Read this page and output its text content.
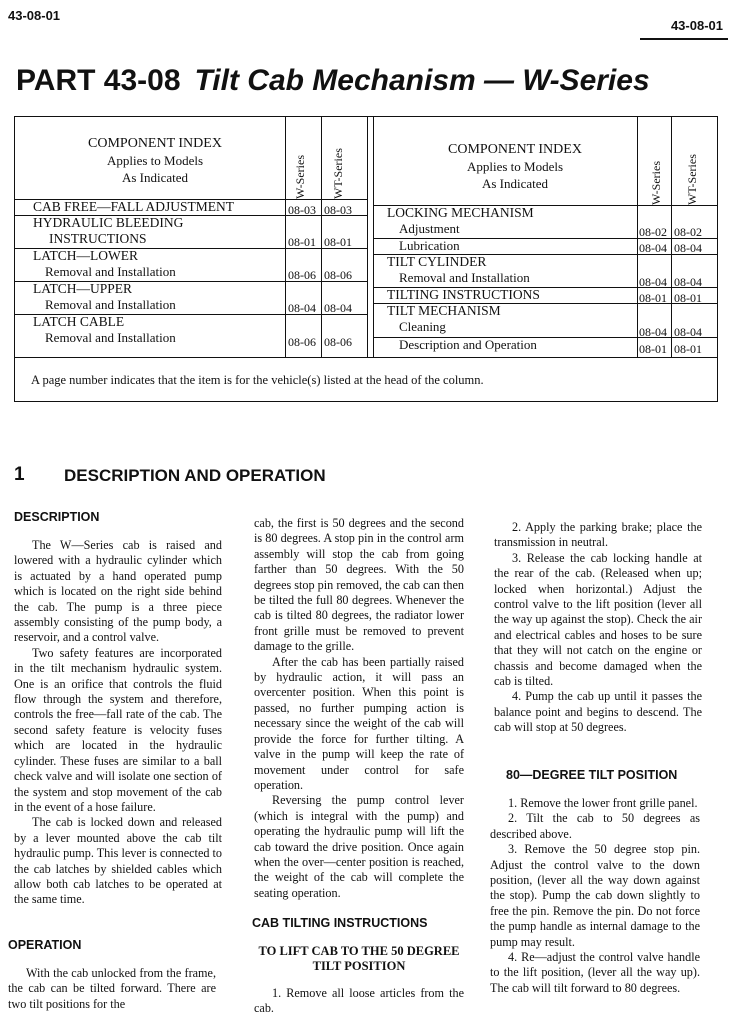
43-08-01
43-08-01
PART 43-08 Tilt Cab Mechanism — W-Series
COMPONENT INDEX
Applies to Models
As Indicated	W-Series WT-Series
CAB FREE—FALL ADJUSTMENT	08-03 08-03
HYDRAULIC BLEEDING
INSTRUCTIONS	08-01 08-01
LATCH—LOWER
Removal and Installation	08-06 08-06
LATCH—UPPER
Removal and Installation	08-04 08-04
LATCH CABLE
Removal and Installation	08-06 08-06
COMPONENT INDEX
Applies to Models
As Indicated	W-Series WT-Series
LOCKING MECHANISM
Adjustment	08-02 08-02
Lubrication	08-04 08-04
TILT CYLINDER
Removal and Installation	08-04 08-04
TILTING INSTRUCTIONS	08-01 08-01
TILT MECHANISM
Cleaning	08-04 08-04
Description and Operation	08-01 08-01
A page number indicates that the item is for the vehicle(s) listed at the head of the column.
1 DESCRIPTION AND OPERATION
DESCRIPTION

The W—Series cab is raised and lowered with a hydraulic cylinder which is actuated by a hand operated pump which is located on the right side behind the cab. The pump is a three piece assembly consisting of the pump body, a reservoir, and a control valve.

Two safety features are incorporated in the tilt mechanism hydraulic system. One is an orifice that controls the fluid flow through the system and therefore, controls the free—fall rate of the cab. The second safety feature is velocity fuses which are located in the hydraulic cylinder. These fuses are similar to a ball check valve and will isolate one section of the system and stop movement of the cab in the event of a hose failure.

The cab is locked down and released by a lever mounted above the cab tilt hydraulic pump. This lever is connected to the cab latches by shielded cables which allow both cab latches to be operated at the same time.

OPERATION

With the cab unlocked from the frame, the cab can be tilted forward. There are two tilt positions for the

cab, the first is 50 degrees and the second is 80 degrees. A stop pin in the control arm assembly will stop the cab from going farther than 50 degrees. With the 50 degrees stop pin removed, the cab can then be tilted the full 80 degrees. Whenever the cab is tilted 80 degrees, the radiator lower front grille must be removed to prevent damage to the grille.

After the cab has been partially raised by hydraulic action, it will pass an overcenter position. When this point is passed, no further pumping action is necessary since the weight of the cab will provide the force for further tilting. A valve in the pump will keep the rate of movement under control for safe operation.

Reversing the pump control lever (which is integral with the pump) and operating the hydraulic pump will lift the cab toward the drive position. Once again when the over—center position is reached, the weight of the cab will complete the seating operation.

CAB TILTING INSTRUCTIONS
TO LIFT CAB TO THE 50 DEGREE TILT POSITION

1. Remove all loose articles from the cab.

2. Apply the parking brake; place the transmission in neutral.

3. Release the cab locking handle at the rear of the cab. (Released when up; locked when horizontal.) Adjust the control valve to the lift position (lever all the way up against the stop). Check the air and electrical cables and hoses to be sure that they will not catch on the engine or chassis and become damaged when the cab is tilted.

4. Pump the cab up until it passes the balance point and begins to descend. The cab will stop at 50 degrees.

80—DEGREE TILT POSITION

1. Remove the lower front grille panel.

2. Tilt the cab to 50 degrees as described above.

3. Remove the 50 degree stop pin. Adjust the control valve to the down position, (lever all the way down against the stop). Pump the cab down slightly to free the pin. Remove the pin. Do not force the pump handle as internal damage to the pump may result.

4. Re—adjust the control valve handle to the lift position, (lever all the way up). The cab will tilt forward to 80 degrees.
